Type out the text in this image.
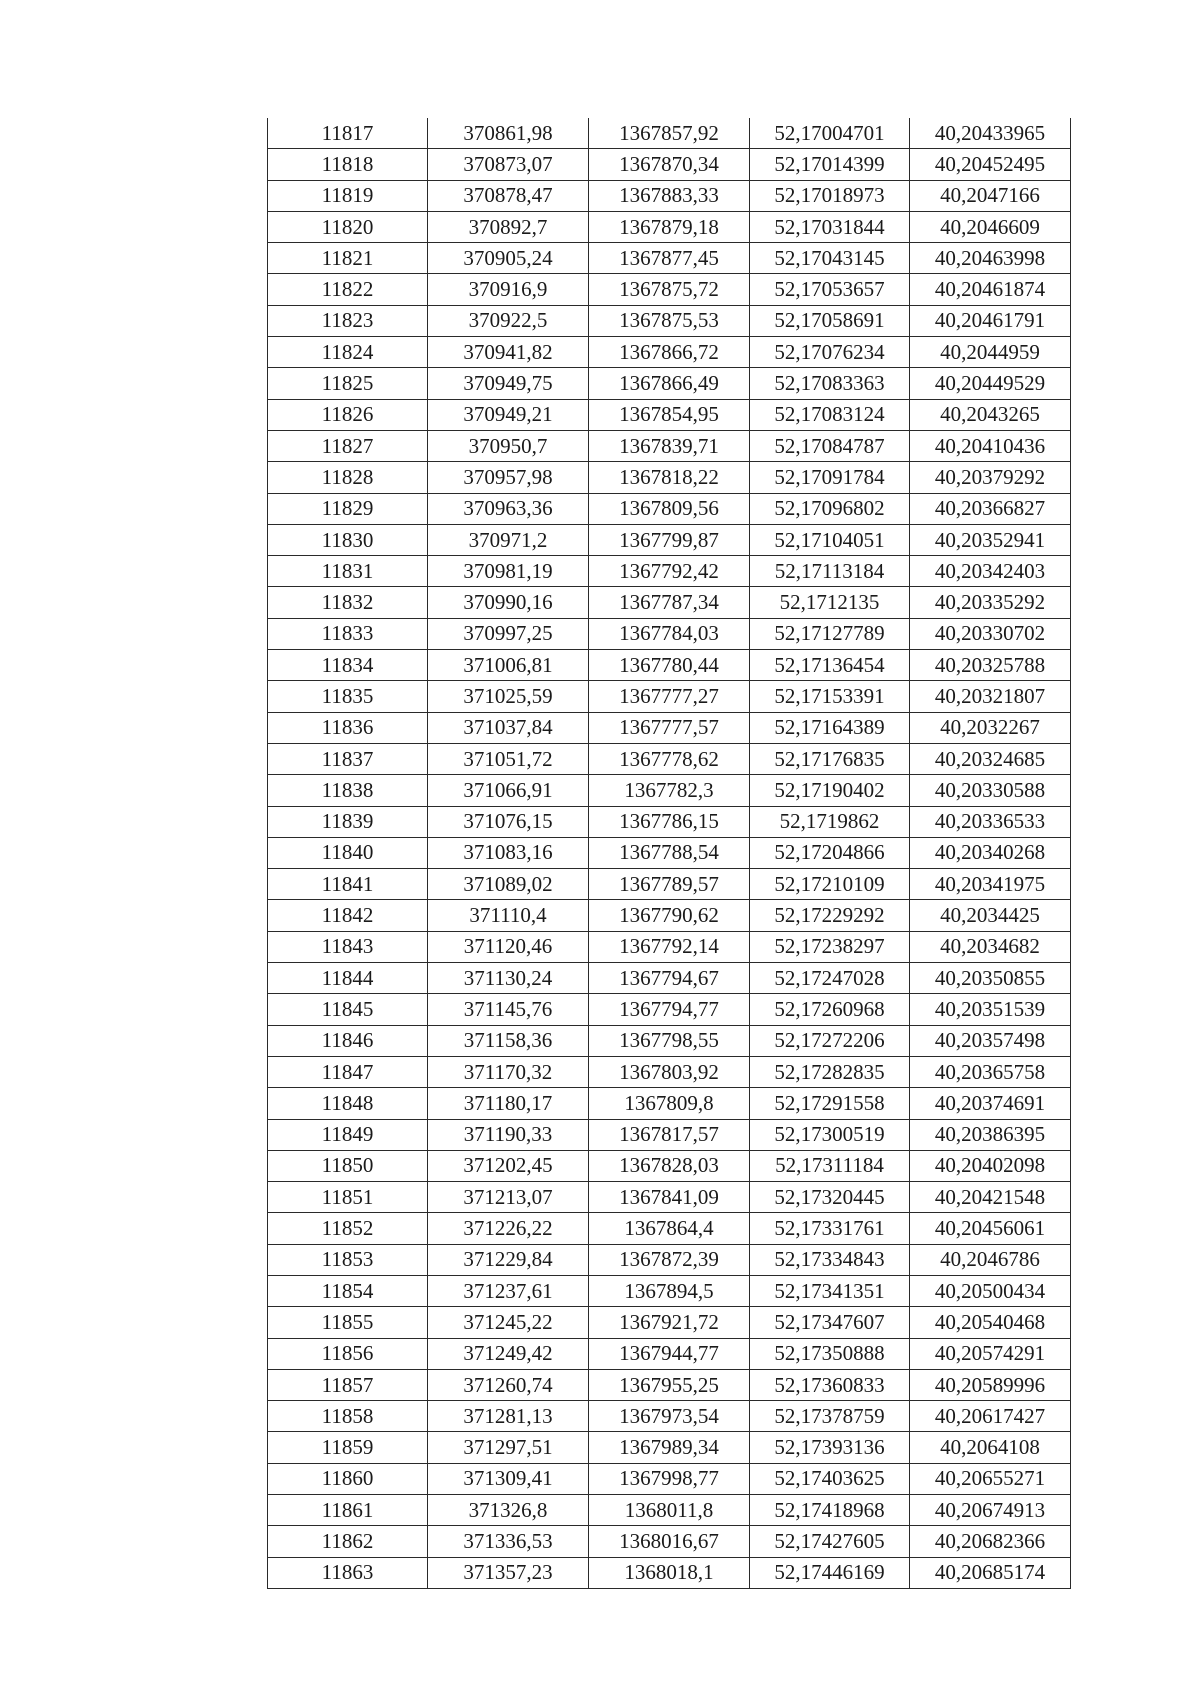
11817	370861,98	1367857,92	52,17004701	40,20433965
11818	370873,07	1367870,34	52,17014399	40,20452495
11819	370878,47	1367883,33	52,17018973	40,2047166
11820	370892,7	1367879,18	52,17031844	40,2046609
11821	370905,24	1367877,45	52,17043145	40,20463998
11822	370916,9	1367875,72	52,17053657	40,20461874
11823	370922,5	1367875,53	52,17058691	40,20461791
11824	370941,82	1367866,72	52,17076234	40,2044959
11825	370949,75	1367866,49	52,17083363	40,20449529
11826	370949,21	1367854,95	52,17083124	40,2043265
11827	370950,7	1367839,71	52,17084787	40,20410436
11828	370957,98	1367818,22	52,17091784	40,20379292
11829	370963,36	1367809,56	52,17096802	40,20366827
11830	370971,2	1367799,87	52,17104051	40,20352941
11831	370981,19	1367792,42	52,17113184	40,20342403
11832	370990,16	1367787,34	52,1712135	40,20335292
11833	370997,25	1367784,03	52,17127789	40,20330702
11834	371006,81	1367780,44	52,17136454	40,20325788
11835	371025,59	1367777,27	52,17153391	40,20321807
11836	371037,84	1367777,57	52,17164389	40,2032267
11837	371051,72	1367778,62	52,17176835	40,20324685
11838	371066,91	1367782,3	52,17190402	40,20330588
11839	371076,15	1367786,15	52,1719862	40,20336533
11840	371083,16	1367788,54	52,17204866	40,20340268
11841	371089,02	1367789,57	52,17210109	40,20341975
11842	371110,4	1367790,62	52,17229292	40,2034425
11843	371120,46	1367792,14	52,17238297	40,2034682
11844	371130,24	1367794,67	52,17247028	40,20350855
11845	371145,76	1367794,77	52,17260968	40,20351539
11846	371158,36	1367798,55	52,17272206	40,20357498
11847	371170,32	1367803,92	52,17282835	40,20365758
11848	371180,17	1367809,8	52,17291558	40,20374691
11849	371190,33	1367817,57	52,17300519	40,20386395
11850	371202,45	1367828,03	52,17311184	40,20402098
11851	371213,07	1367841,09	52,17320445	40,20421548
11852	371226,22	1367864,4	52,17331761	40,20456061
11853	371229,84	1367872,39	52,17334843	40,2046786
11854	371237,61	1367894,5	52,17341351	40,20500434
11855	371245,22	1367921,72	52,17347607	40,20540468
11856	371249,42	1367944,77	52,17350888	40,20574291
11857	371260,74	1367955,25	52,17360833	40,20589996
11858	371281,13	1367973,54	52,17378759	40,20617427
11859	371297,51	1367989,34	52,17393136	40,2064108
11860	371309,41	1367998,77	52,17403625	40,20655271
11861	371326,8	1368011,8	52,17418968	40,20674913
11862	371336,53	1368016,67	52,17427605	40,20682366
11863	371357,23	1368018,1	52,17446169	40,20685174
